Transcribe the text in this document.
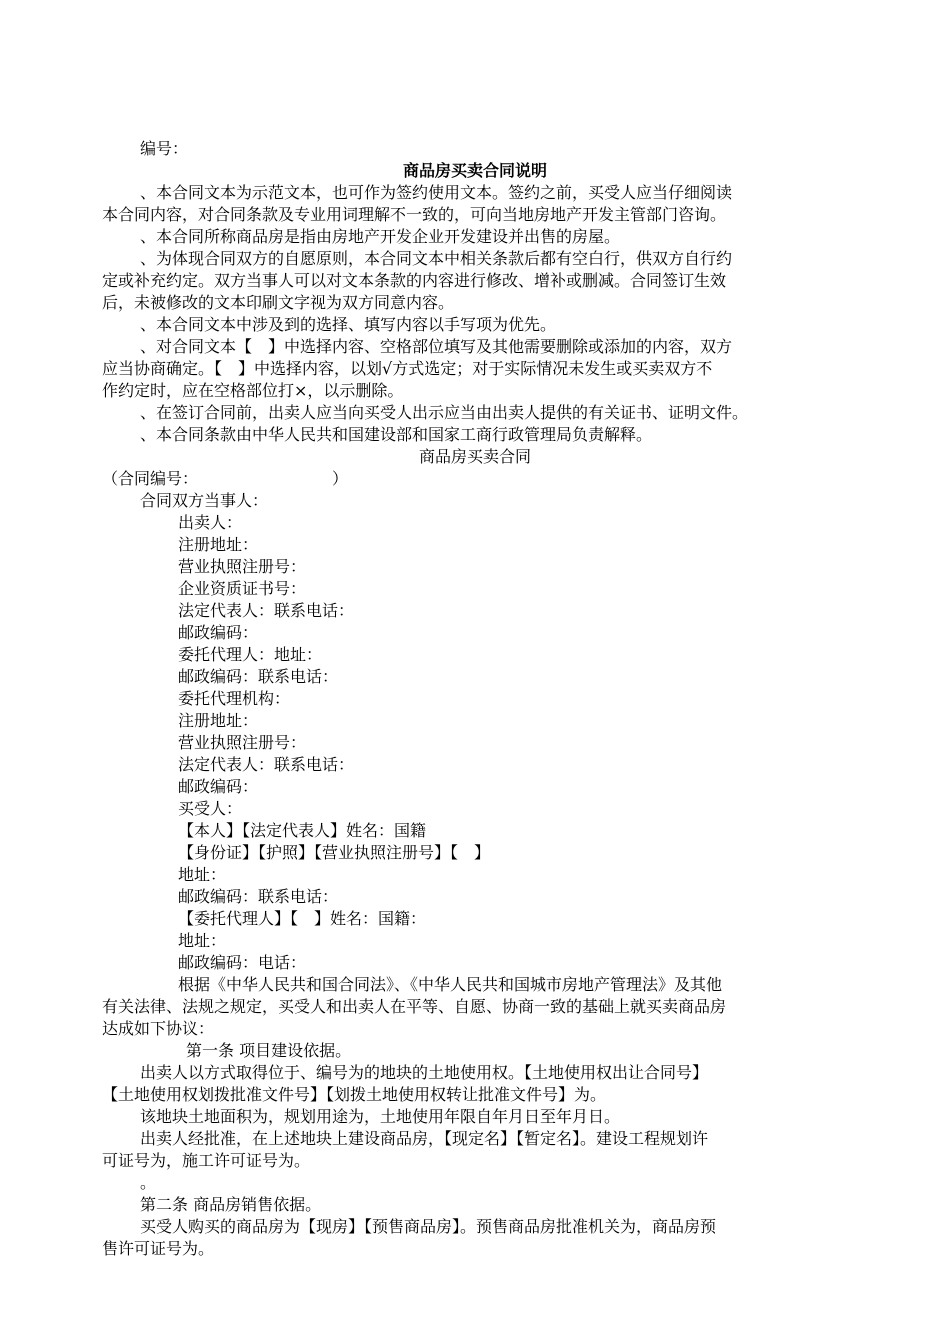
编号：
商品房买卖合同说明
、本合同文本为示范文本，也可作为签约使用文本。签约之前，买受人应当仔细阅读
本合同内容，对合同条款及专业用词理解不一致的，可向当地房地产开发主管部门咨询。
、本合同所称商品房是指由房地产开发企业开发建设并出售的房屋。
、为体现合同双方的自愿原则，本合同文本中相关条款后都有空白行，供双方自行约
定或补充约定。双方当事人可以对文本条款的内容进行修改、增补或删减。合同签订生效
后，未被修改的文本印刷文字视为双方同意内容。
、本合同文本中涉及到的选择、填写内容以手写项为优先。
、对合同文本【　】中选择内容、空格部位填写及其他需要删除或添加的内容，双方
应当协商确定。【　】中选择内容，以划√方式选定；对于实际情况未发生或买卖双方不
作约定时，应在空格部位打×，以示删除。
、在签订合同前，出卖人应当向买受人出示应当由出卖人提供的有关证书、证明文件。
、本合同条款由中华人民共和国建设部和国家工商行政管理局负责解释。
商品房买卖合同
（合同编号：	）
合同双方当事人：
出卖人：
注册地址：
营业执照注册号：
企业资质证书号：
法定代表人：联系电话：
邮政编码：
委托代理人：地址：
邮政编码：联系电话：
委托代理机构：
注册地址：
营业执照注册号：
法定代表人：联系电话：
邮政编码：
买受人：
【本人】【法定代表人】姓名：国籍
【身份证】【护照】【营业执照注册号】【　】
地址：
邮政编码：联系电话：
【委托代理人】【　】姓名：国籍：
地址：
邮政编码：电话：
根据《中华人民共和国合同法》、《中华人民共和国城市房地产管理法》及其他
有关法律、法规之规定，买受人和出卖人在平等、自愿、协商一致的基础上就买卖商品房
达成如下协议：
第一条 项目建设依据。
出卖人以方式取得位于、编号为的地块的土地使用权。【土地使用权出让合同号】
【土地使用权划拨批准文件号】【划拨土地使用权转让批准文件号】为。
该地块土地面积为，规划用途为，土地使用年限自年月日至年月日。
出卖人经批准，在上述地块上建设商品房，【现定名】【暂定名】。建设工程规划许
可证号为，施工许可证号为。
。
第二条 商品房销售依据。
买受人购买的商品房为【现房】【预售商品房】。预售商品房批准机关为，商品房预
售许可证号为。
